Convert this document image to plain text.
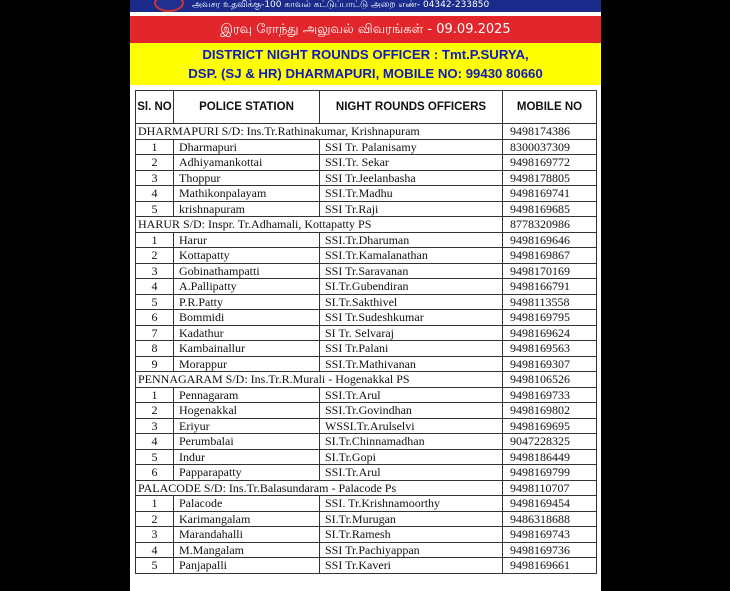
அவசர உதவிக்கு-100 காவல் கட்டுப்பாட்டு அறை எண்- 04342-233850
இரவு ரோந்து அலுவல் விவரங்கள் - 09.09.2025
DISTRICT NIGHT ROUNDS OFFICER : Tmt.P.SURYA,
DSP. (SJ & HR) DHARMAPURI, MOBILE NO: 99430 80660
Sl. NO	POLICE STATION	NIGHT ROUNDS OFFICERS	MOBILE NO
DHARMAPURI S/D: Ins.Tr.Rathinakumar, Krishnapuram			9498174386
1	Dharmapuri	SSI Tr. Palanisamy	8300037309
2	Adhiyamankottai	SSI.Tr. Sekar	9498169772
3	Thoppur	SSI Tr.Jeelanbasha	9498178805
4	Mathikonpalayam	SSI.Tr.Madhu	9498169741
5	krishnapuram	SSI Tr.Raji	9498169685
HARUR S/D: Inspr. Tr.Adhamali, Kottapatty PS			8778320986
1	Harur	SSI.Tr.Dharuman	9498169646
2	Kottapatty	SSI.Tr.Kamalanathan	9498169867
3	Gobinathampatti	SSI Tr.Saravanan	9498170169
4	A.Pallipatty	SI.Tr.Gubendiran	9498166791
5	P.R.Patty	SI.Tr.Sakthivel	9498113558
6	Bommidi	SSI Tr.Sudeshkumar	9498169795
7	Kadathur	SI Tr. Selvaraj	9498169624
8	Kambainallur	SSI Tr.Palani	9498169563
9	Morappur	SSI.Tr.Mathivanan	9498169307
PENNAGARAM S/D: Ins.Tr.R.Murali - Hogenakkal PS			9498106526
1	Pennagaram	SSI.Tr.Arul	9498169733
2	Hogenakkal	SSI.Tr.Govindhan	9498169802
3	Eriyur	WSSI.Tr.Arulselvi	9498169695
4	Perumbalai	SI.Tr.Chinnamadhan	9047228325
5	Indur	SI.Tr.Gopi	9498186449
6	Papparapatty	SSI.Tr.Arul	9498169799
PALACODE S/D: Ins.Tr.Balasundaram - Palacode Ps			9498110707
1	Palacode	SSI. Tr.Krishnamoorthy	9498169454
2	Karimangalam	SI.Tr.Murugan	9486318688
3	Marandahalli	SI.Tr.Ramesh	9498169743
4	M.Mangalam	SSI Tr.Pachiyappan	9498169736
5	Panjapalli	SSI Tr.Kaveri	9498169661
